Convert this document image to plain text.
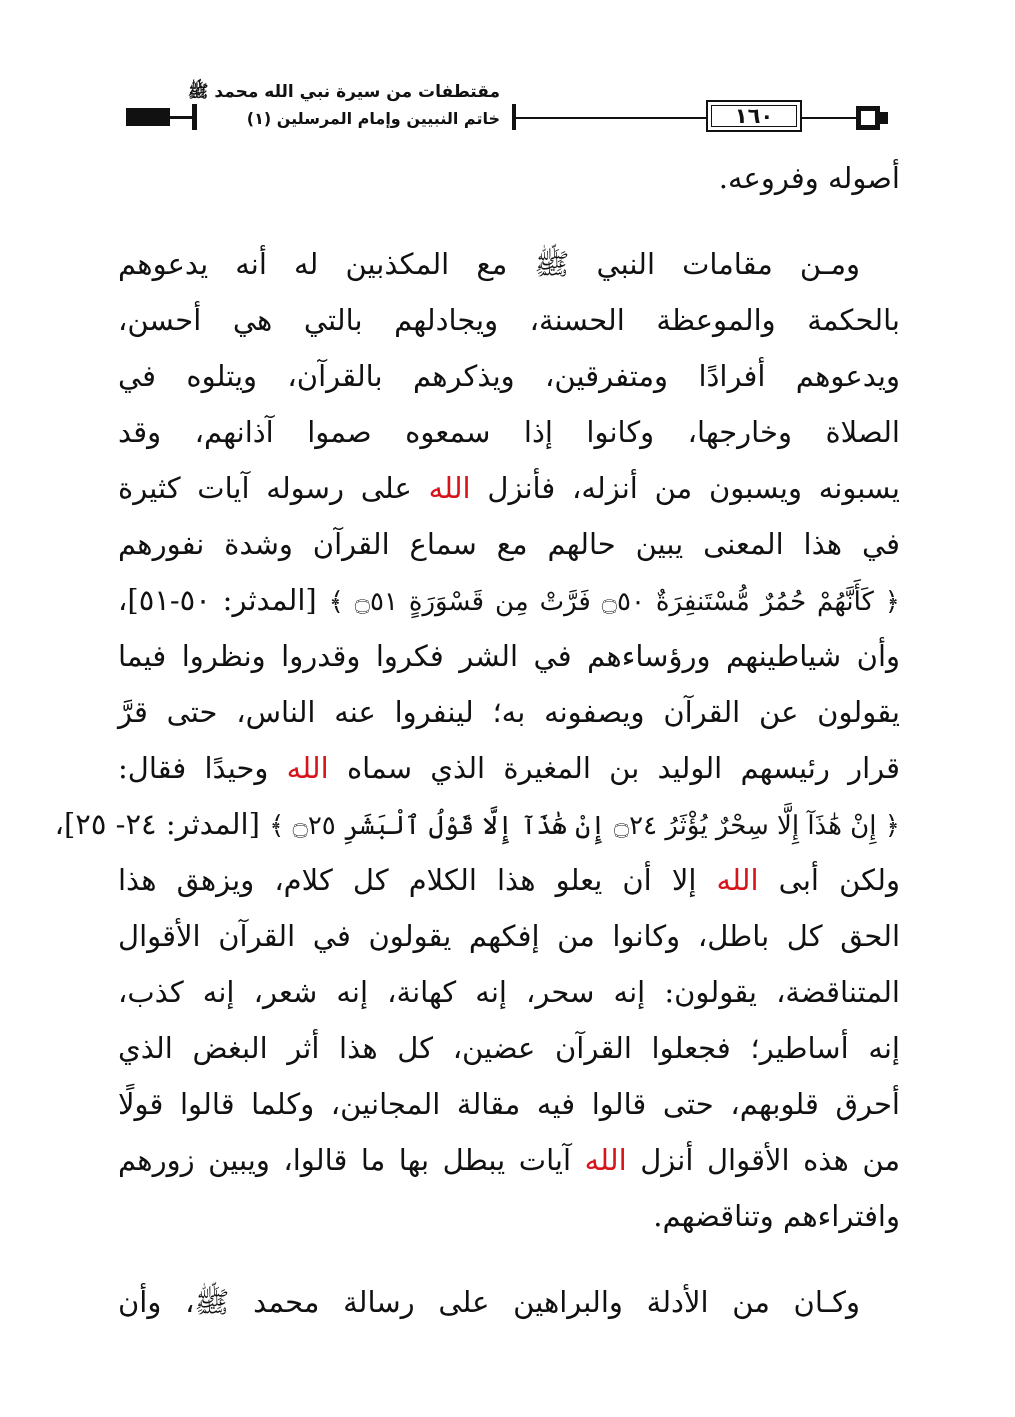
مقتطفات من سيرة نبي الله محمد ﷺ
خاتم النبيين وإمام المرسلين (١)	١٦٠
أصوله وفروعه.
ومـن مقامات النبي ﷺ مع المكذبين له أنه يدعوهم
بالحكمة والموعظة الحسنة، ويجادلهم بالتي هي أحسن،
ويدعوهم أفرادًا ومتفرقين، ويذكرهم بالقرآن، ويتلوه في
الصلاة وخارجها، وكانوا إذا سمعوه صموا آذانهم، وقد
يسبونه ويسبون من أنزله، فأنزل الله على رسوله آيات كثيرة
في هذا المعنى يبين حالهم مع سماع القرآن وشدة نفورهم
﴿ كَأَنَّهُمْ حُمُرٌ مُّسْتَنفِرَةٌ ۝٥٠ فَرَّتْ مِن قَسْوَرَةٍ ۝٥١ ﴾ [المدثر: ٥٠-٥١]،
وأن شياطينهم ورؤساءهم في الشر فكروا وقدروا ونظروا فيما
يقولون عن القرآن ويصفونه به؛ لينفروا عنه الناس، حتى قرَّ
قرار رئيسهم الوليد بن المغيرة الذي سماه الله وحيدًا فقال:
﴿ إِنْ هَٰذَآ إِلَّا سِحْرٌ يُؤْثَرُ ۝٢٤ إِنْ هَٰذَآ إِلَّا قَوْلُ ٱلْبَشَرِ ۝٢٥ ﴾ [المدثر: ٢٤- ٢٥]،
ولكن أبى الله إلا أن يعلو هذا الكلام كل كلام، ويزهق هذا
الحق كل باطل، وكانوا من إفكهم يقولون في القرآن الأقوال
المتناقضة، يقولون: إنه سحر، إنه كهانة، إنه شعر، إنه كذب،
إنه أساطير؛ فجعلوا القرآن عضين، كل هذا أثر البغض الذي
أحرق قلوبهم، حتى قالوا فيه مقالة المجانين، وكلما قالوا قولًا
من هذه الأقوال أنزل الله آيات يبطل بها ما قالوا، ويبين زورهم
وافتراءهم وتناقضهم.
وكـان من الأدلة والبراهين على رسالة محمد ﷺ، وأن
